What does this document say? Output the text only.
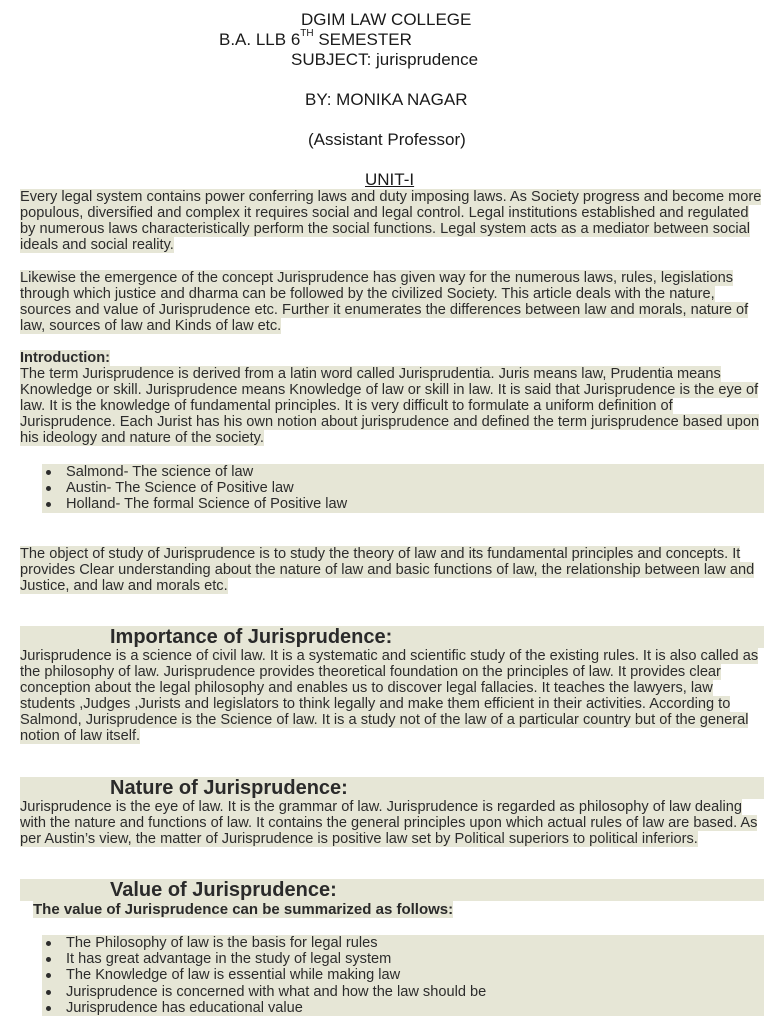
DGIM LAW COLLEGE
B.A. LLB 6TH SEMESTER
SUBJECT: jurisprudence
BY: MONIKA NAGAR
(Assistant Professor)
UNIT-I
Every legal system contains power conferring laws and duty imposing laws. As Society progress and become more populous, diversified and complex it requires social and legal control. Legal institutions established and regulated by numerous laws characteristically perform the social functions. Legal system acts as a mediator between social ideals and social reality.
Likewise the emergence of the concept Jurisprudence has given way for the numerous laws, rules, legislations through which justice and dharma can be followed by the civilized Society. This article deals with the nature, sources and value of Jurisprudence etc. Further it enumerates the differences between law and morals, nature of law, sources of law and Kinds of law etc.
Introduction:
The term Jurisprudence is derived from a latin word called Jurisprudentia. Juris means law, Prudentia means Knowledge or skill. Jurisprudence means Knowledge of law or skill in law. It is said that Jurisprudence is the eye of law. It is the knowledge of fundamental principles. It is very difficult to formulate a uniform definition of Jurisprudence. Each Jurist has his own notion about jurisprudence and defined the term jurisprudence based upon his ideology and nature of the society.
Salmond- The science of law
Austin- The Science of Positive law
Holland- The formal Science of Positive law
The object of study of Jurisprudence is to study the theory of law and its fundamental principles and concepts. It provides Clear understanding about the nature of law and basic functions of law, the relationship between law and Justice, and law and morals etc.
Importance of Jurisprudence:
Jurisprudence is a science of civil law. It is a systematic and scientific study of the existing rules. It is also called as the philosophy of law. Jurisprudence provides theoretical foundation on the principles of law. It provides clear conception about the legal philosophy and enables us to discover legal fallacies. It teaches the lawyers, law students ,Judges ,Jurists and legislators to think legally and make them efficient in their activities. According to Salmond, Jurisprudence is the Science of law. It is a study not of the law of a particular country but of the general notion of law itself.
Nature of Jurisprudence:
Jurisprudence is the eye of law. It is the grammar of law. Jurisprudence is regarded as philosophy of law dealing with the nature and functions of law. It contains the general principles upon which actual rules of law are based. As per Austin’s view, the matter of Jurisprudence is positive law set by Political superiors to political inferiors.
Value of Jurisprudence:
The value of Jurisprudence can be summarized as follows:
The Philosophy of law is the basis for legal rules
It has great advantage in the study of legal system
The Knowledge of law is essential while making law
Jurisprudence is concerned with what and how the law should be
Jurisprudence has educational value
